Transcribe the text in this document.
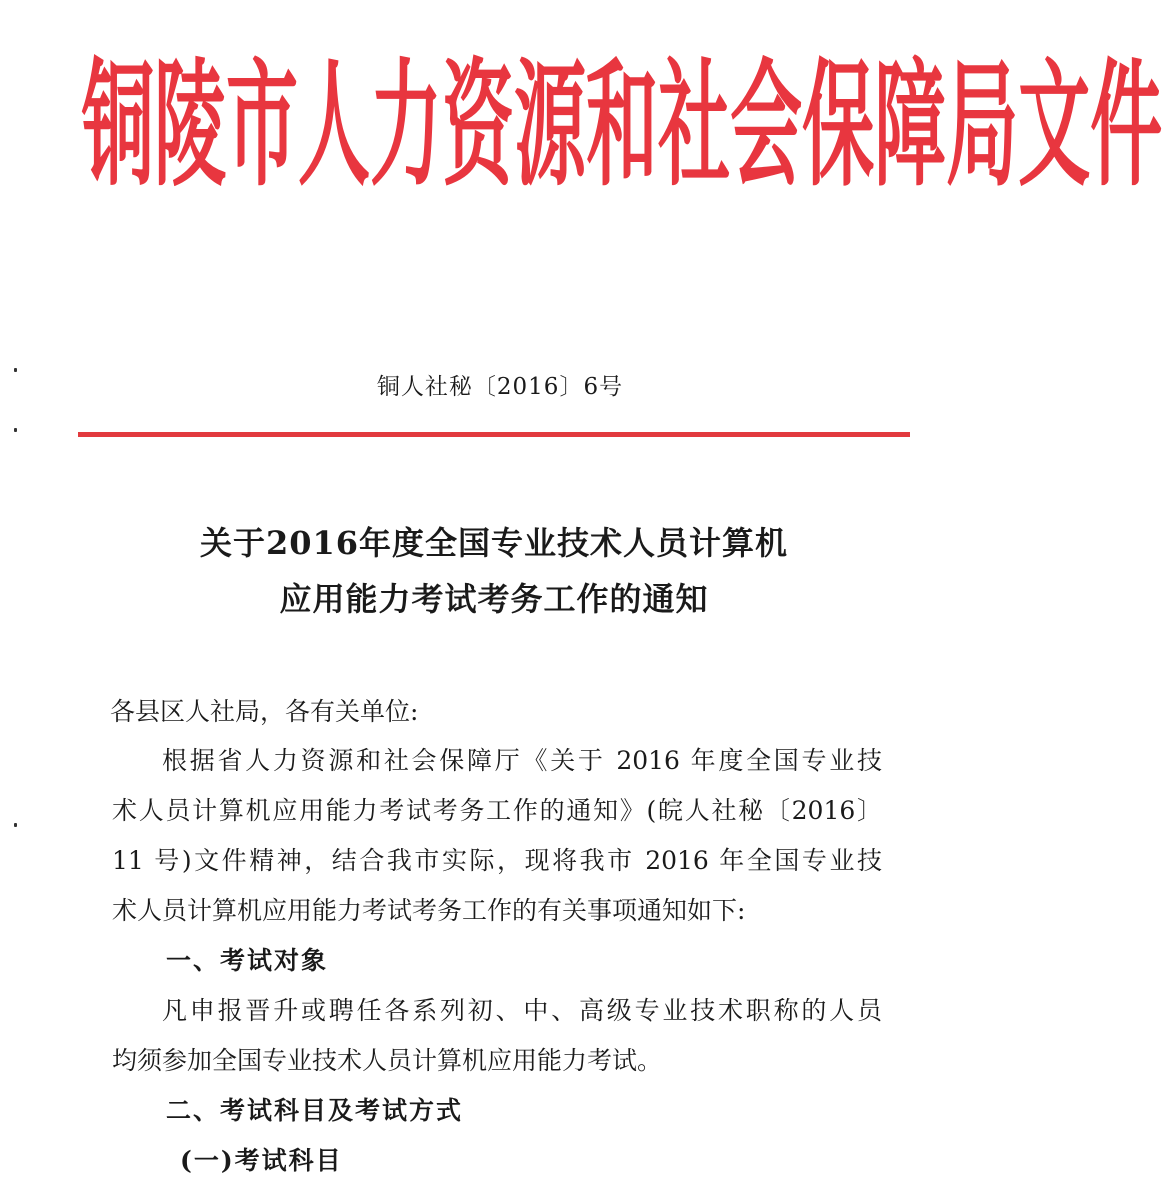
铜 陵 市 人 力 资 源 和 社 会 保 障 局 文 件
铜人社秘〔2016〕6号
关于2016年度全国专业技术人员计算机
应用能力考试考务工作的通知
各县区人社局，各有关单位:
根据省人力资源和社会保障厅《关于 2016 年度全国专业技
术人员计算机应用能力考试考务工作的通知》(皖人社秘〔2016〕
11 号)文件精神，结合我市实际，现将我市 2016 年全国专业技
术人员计算机应用能力考试考务工作的有关事项通知如下:
一、考试对象
凡申报晋升或聘任各系列初、中、高级专业技术职称的人员
均须参加全国专业技术人员计算机应用能力考试。
二、考试科目及考试方式
(一)考试科目
